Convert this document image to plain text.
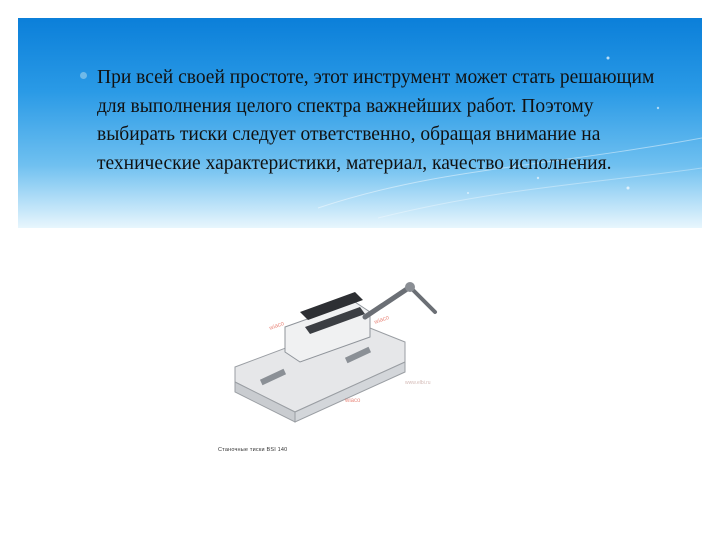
При всей своей простоте, этот инструмент может стать решающим для выполнения целого спектра важнейших работ. Поэтому выбирать тиски следует ответственно, обращая внимание на технические характеристики, материал, качество исполнения.

wiaco
wiaco
www.elbi.ru
wiaco
Станочные тиски BSI 140
